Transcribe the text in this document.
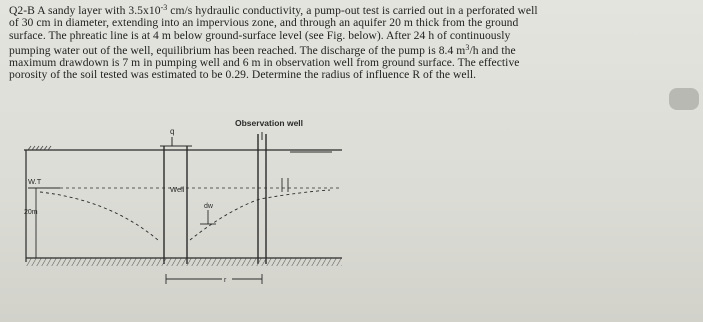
Q2-B A sandy layer with $3.5x10^{-3}$ cm/s hydraulic conductivity, a pump-out test is carried out in a perforated well
of 30 cm in diameter, extending into an impervious zone, and through an aquifer 20 m thick from the ground
surface. The phreatic line is at 4 m below ground-surface level (see Fig. below). After 24 h of continuously
pumping water out of the well, equilibrium has been reached. The discharge of the pump is 8.4 $m^3/h$ and the
maximum drawdown is 7 m in pumping well and 6 m in observation well from ground surface. The effective
porosity of the soil tested was estimated to be 0.29. Determine the radius of influence R of the well.
Observation well
q
W.T
20m
Well
dw
r
